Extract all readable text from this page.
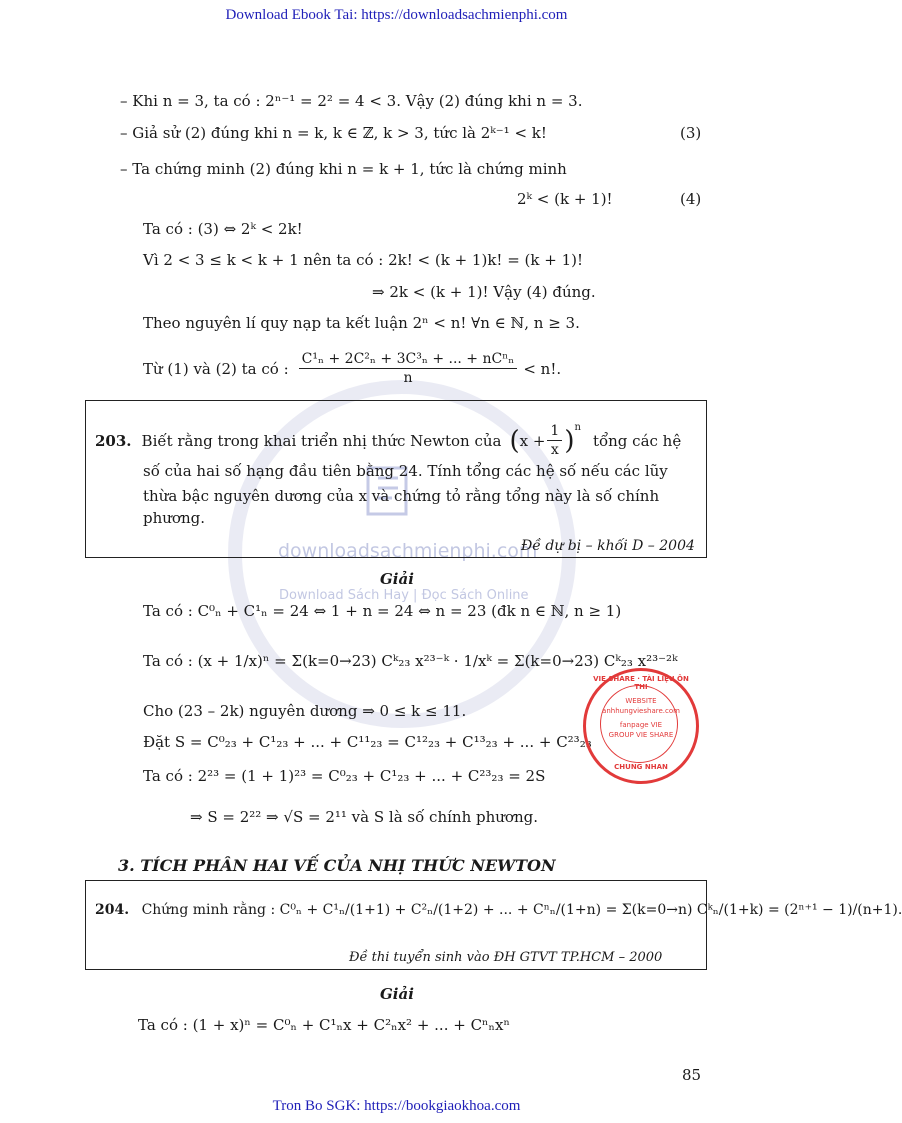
Download Ebook Tai: https://downloadsachmienphi.com
downloadsachmienphi.com
Download Sách Hay | Đọc Sách Online
– Khi n = 3, ta có : 2ⁿ⁻¹ = 2² = 4 < 3. Vậy (2) đúng khi n = 3.
– Giả sử (2) đúng khi n = k, k ∈ ℤ, k > 3, tức là 2ᵏ⁻¹ < k!	(3)
– Ta chứng minh (2) đúng khi n = k + 1, tức là chứng minh
2ᵏ < (k + 1)!	(4)
Ta có : (3) ⇔ 2ᵏ < 2k!
Vì 2 < 3 ≤ k < k + 1 nên ta có : 2k! < (k + 1)k! = (k + 1)!
⇒ 2k < (k + 1)! Vậy (4) đúng.
Theo nguyên lí quy nạp ta kết luận 2ⁿ < n! ∀n ∈ ℕ, n ≥ 3.
Từ (1) và (2) ta có : $\frac{\text{C¹ₙ + 2C²ₙ + 3C³ₙ + ... + nCⁿₙ}}{n} < n$!.
203. Biết rằng trong khai triển nhị thức Newton của ( $x + \frac{1}{x} )^n$
tổng các hệ
số của hai số hạng đầu tiên bằng 24. Tính tổng các hệ số nếu các lũy
thừa bậc nguyên dương của x và chứng tỏ rằng tổng này là số chính
phương.
Đề dự bị – khối D – 2004
Giải
Ta có : C⁰ₙ + C¹ₙ = 24 ⇔ 1 + n = 24 ⇔ n = 23 (đk n ∈ ℕ, n ≥ 1)
Ta có : (x + 1/x)ⁿ = Σ(k=0→23) Cᵏ₂₃ x²³⁻ᵏ · 1/xᵏ = Σ(k=0→23) Cᵏ₂₃ x²³⁻²ᵏ
Cho (23 – 2k) nguyên dương ⇒ 0 ≤ k ≤ 11.
Đặt S = C⁰₂₃ + C¹₂₃ + ... + C¹¹₂₃ = C¹²₂₃ + C¹³₂₃ + ... + C²³₂₃
Ta có : 2²³ = (1 + 1)²³ = C⁰₂₃ + C¹₂₃ + ... + C²³₂₃ = 2S
⇒ S = 2²² ⇒ √S = 2¹¹ và S là số chính phương.
VIE SHARE · TÀI LIỆU ÔN THI
WEBSITE
anhhungvieshare.com
fanpage VIE
GROUP VIE SHARE
CHUNG NHAN
3. TÍCH PHÂN HAI VẾ CỦA NHỊ THỨC NEWTON
204. Chứng minh rằng : C⁰ₙ + C¹ₙ/(1+1) + C²ₙ/(1+2) + ... + Cⁿₙ/(1+n) = Σ(k=0→n) Cᵏₙ/(1+k) = (2ⁿ⁺¹ − 1)/(n+1).
Đề thi tuyển sinh vào ĐH GTVT TP.HCM – 2000
Giải
Ta có : (1 + x)ⁿ = C⁰ₙ + C¹ₙx + C²ₙx² + ... + Cⁿₙxⁿ
85
Tron Bo SGK: https://bookgiaokhoa.com
